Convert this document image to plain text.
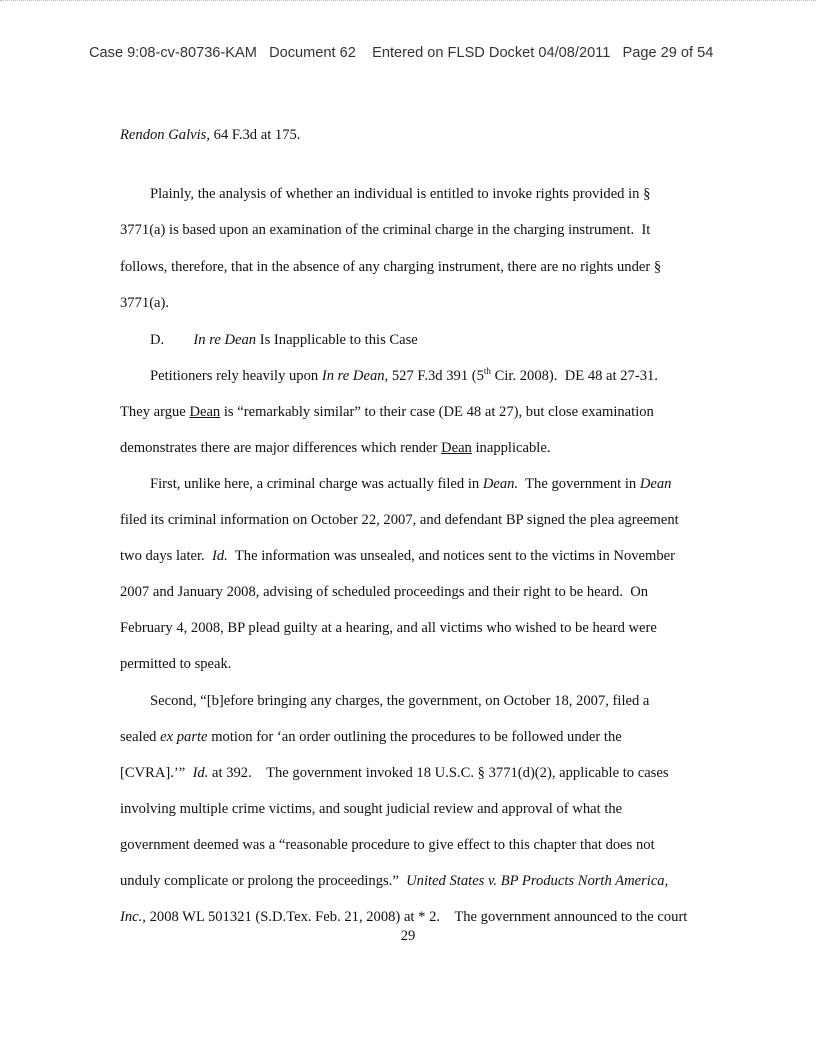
Case 9:08-cv-80736-KAM   Document 62    Entered on FLSD Docket 04/08/2011   Page 29 of 54
Rendon Galvis, 64 F.3d at 175.
Plainly, the analysis of whether an individual is entitled to invoke rights provided in §
3771(a) is based upon an examination of the criminal charge in the charging instrument.  It
follows, therefore, that in the absence of any charging instrument, there are no rights under §
3771(a).
D.        In re Dean Is Inapplicable to this Case
Petitioners rely heavily upon In re Dean, 527 F.3d 391 (5th Cir. 2008).  DE 48 at 27-31.
They argue Dean is “remarkably similar” to their case (DE 48 at 27), but close examination
demonstrates there are major differences which render Dean inapplicable.
First, unlike here, a criminal charge was actually filed in Dean.  The government in Dean
filed its criminal information on October 22, 2007, and defendant BP signed the plea agreement
two days later.  Id.  The information was unsealed, and notices sent to the victims in November
2007 and January 2008, advising of scheduled proceedings and their right to be heard.  On
February 4, 2008, BP plead guilty at a hearing, and all victims who wished to be heard were
permitted to speak.
Second, “[b]efore bringing any charges, the government, on October 18, 2007, filed a
sealed ex parte motion for ‘an order outlining the procedures to be followed under the
[CVRA].’”  Id. at 392.    The government invoked 18 U.S.C. § 3771(d)(2), applicable to cases
involving multiple crime victims, and sought judicial review and approval of what the
government deemed was a “reasonable procedure to give effect to this chapter that does not
unduly complicate or prolong the proceedings.”  United States v. BP Products North America,
Inc., 2008 WL 501321 (S.D.Tex. Feb. 21, 2008) at * 2.    The government announced to the court
29
